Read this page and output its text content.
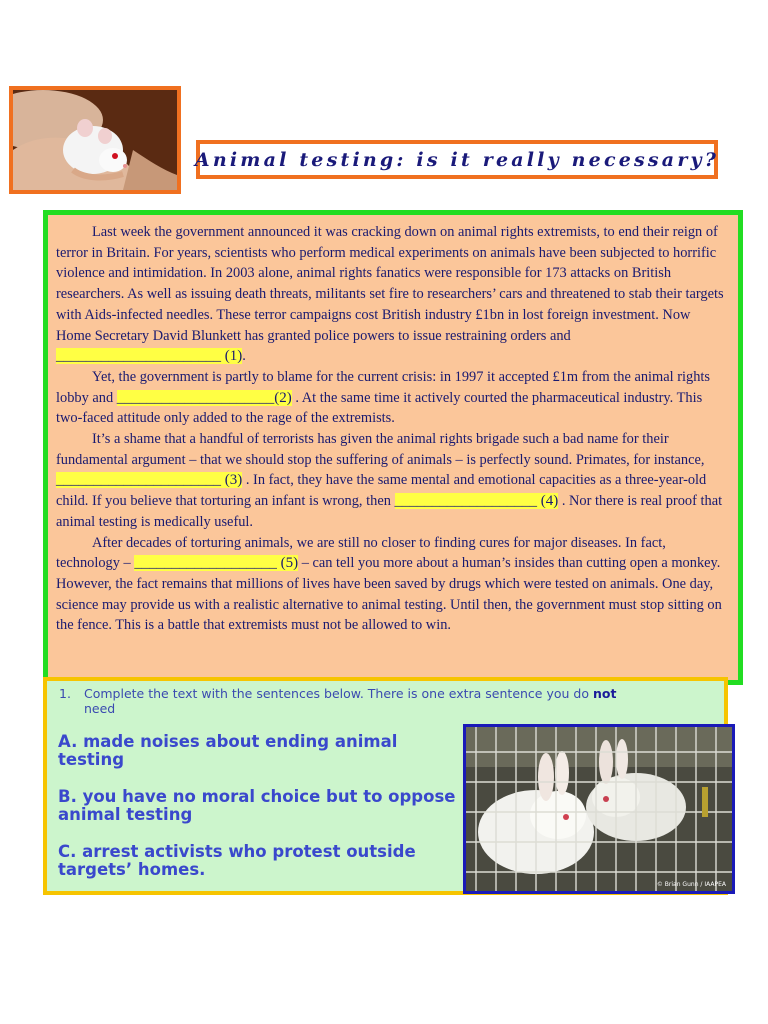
Animal testing: is it really necessary?

Last week the government announced it was cracking down on animal rights extremists, to end their reign of terror in Britain. For years, scientists who perform medical experiments on animals have been subjected to horrific violence and intimidation. In 2003 alone, animal rights fanatics were responsible for 173 attacks on British researchers. As well as issuing death threats, militants set fire to researchers’ cars and threatened to stab their targets with Aids-infected needles. These terror campaigns cost British industry £1bn in lost foreign investment. Now Home Secretary David Blunkett has granted police powers to issue restraining orders and ______________________ (1).

Yet, the government is partly to blame for the current crisis: in 1997 it accepted £1m from the animal rights lobby and _____________________(2) . At the same time it actively courted the pharmaceutical industry. This two-faced attitude only added to the rage of the extremists.

It’s a shame that a handful of terrorists has given the animal rights brigade such a bad name for their fundamental argument – that we should stop the suffering of animals – is perfectly sound. Primates, for instance, ______________________ (3) . In fact, they have the same mental and emotional capacities as a three-year-old child. If you believe that torturing an infant is wrong, then ___________________ (4) . Nor there is real proof that animal testing is medically useful.

After decades of torturing animals, we are still no closer to finding cures for major diseases. In fact, technology – ___________________ (5) – can tell you more about a human’s insides than cutting open a monkey. However, the fact remains that millions of lives have been saved by drugs which were tested on animals. One day, science may provide us with a realistic alternative to animal testing. Until then, the government must stop sitting on the fence. This is a battle that extremists must not be allowed to win.

1. Complete the text with the sentences below. There is one extra sentence you do not
need
A. made noises about ending animal testing
B. you have no moral choice but to oppose animal testing
C. arrest activists who protest outside targets’ homes.
© Brian Gunn / IAAPEA
